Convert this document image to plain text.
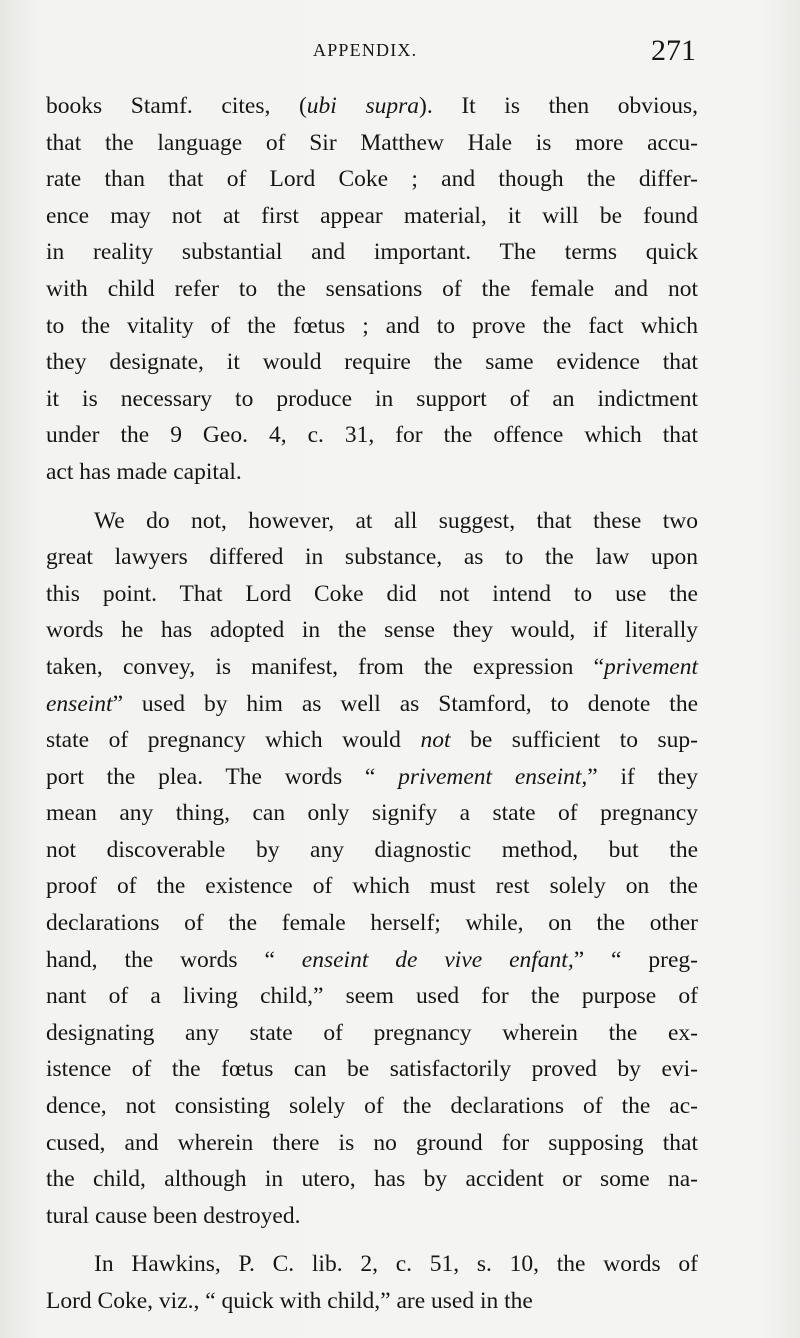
APPENDIX.	271
books Stamf. cites, (ubi supra). It is then obvious,
that the language of Sir Matthew Hale is more accu-
rate than that of Lord Coke ; and though the differ-
ence may not at first appear material, it will be found
in reality substantial and important. The terms quick
with child refer to the sensations of the female and not
to the vitality of the fœtus ; and to prove the fact which
they designate, it would require the same evidence that
it is necessary to produce in support of an indictment
under the 9 Geo. 4, c. 31, for the offence which that
act has made capital.
We do not, however, at all suggest, that these two
great lawyers differed in substance, as to the law upon
this point. That Lord Coke did not intend to use the
words he has adopted in the sense they would, if literally
taken, convey, is manifest, from the expression “privement
enseint” used by him as well as Stamford, to denote the
state of pregnancy which would not be sufficient to sup-
port the plea. The words “ privement enseint,” if they
mean any thing, can only signify a state of pregnancy
not discoverable by any diagnostic method, but the
proof of the existence of which must rest solely on the
declarations of the female herself; while, on the other
hand, the words “ enseint de vive enfant,” “ preg-
nant of a living child,” seem used for the purpose of
designating any state of pregnancy wherein the ex-
istence of the fœtus can be satisfactorily proved by evi-
dence, not consisting solely of the declarations of the ac-
cused, and wherein there is no ground for supposing that
the child, although in utero, has by accident or some na-
tural cause been destroyed.
In Hawkins, P. C. lib. 2, c. 51, s. 10, the words of
Lord Coke, viz., “ quick with child,” are used in the
